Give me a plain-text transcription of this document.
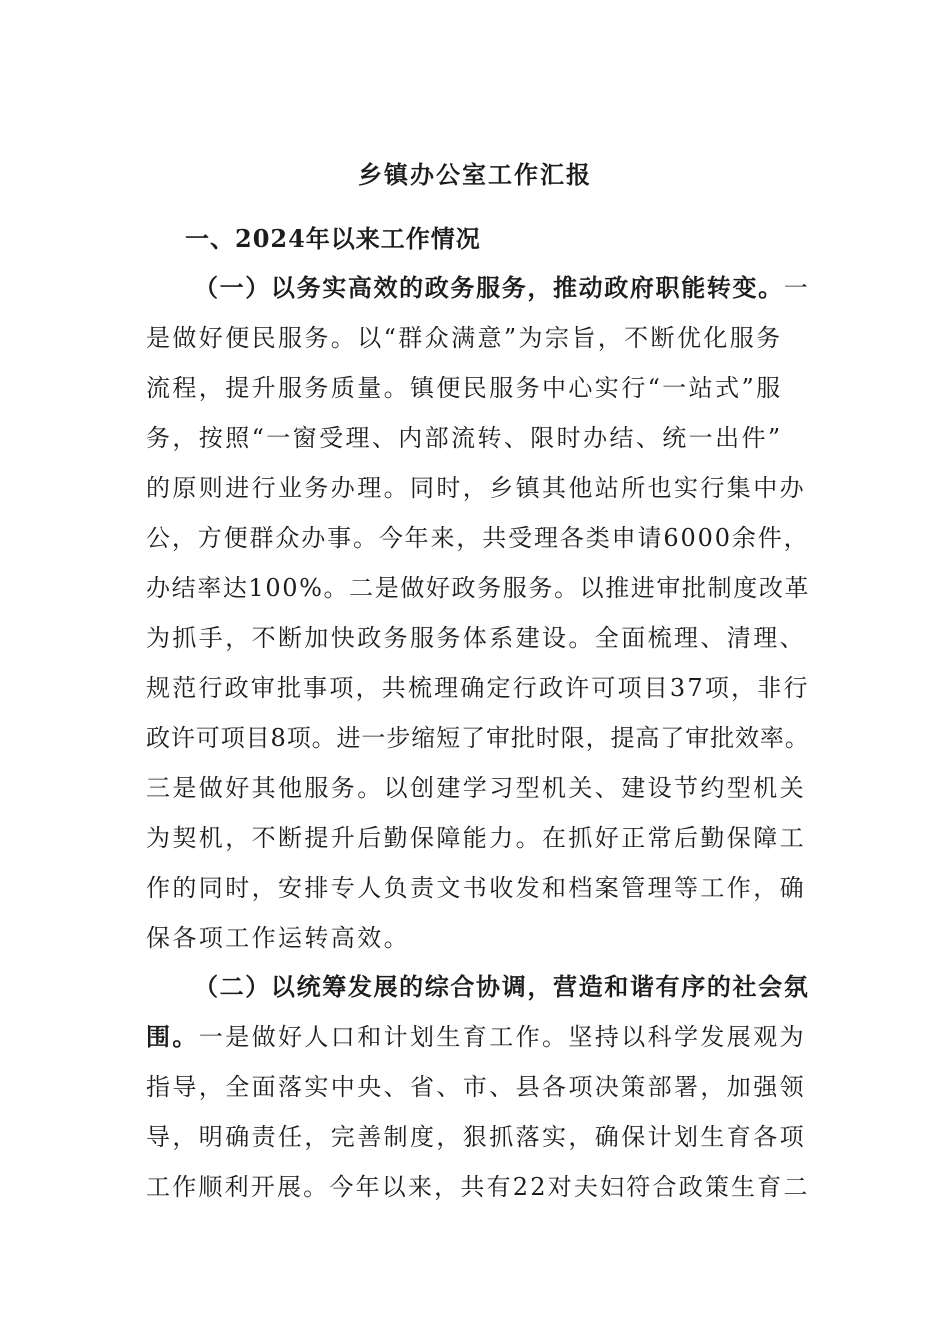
乡镇办公室工作汇报
一、2024年以来工作情况
（一）以务实高效的政务服务，推动政府职能转变。一
是做好便民服务。以“群众满意”为宗旨，不断优化服务
流程，提升服务质量。镇便民服务中心实行“一站式”服
务，按照“一窗受理、内部流转、限时办结、统一出件”
的原则进行业务办理。同时，乡镇其他站所也实行集中办
公，方便群众办事。今年来，共受理各类申请6000余件，
办结率达100%。二是做好政务服务。以推进审批制度改革
为抓手，不断加快政务服务体系建设。全面梳理、清理、
规范行政审批事项，共梳理确定行政许可项目37项，非行
政许可项目8项。进一步缩短了审批时限，提高了审批效率。
三是做好其他服务。以创建学习型机关、建设节约型机关
为契机，不断提升后勤保障能力。在抓好正常后勤保障工
作的同时，安排专人负责文书收发和档案管理等工作，确
保各项工作运转高效。
（二）以统筹发展的综合协调，营造和谐有序的社会氛
围。一是做好人口和计划生育工作。坚持以科学发展观为
指导，全面落实中央、省、市、县各项决策部署，加强领
导，明确责任，完善制度，狠抓落实，确保计划生育各项
工作顺利开展。今年以来，共有22对夫妇符合政策生育二
